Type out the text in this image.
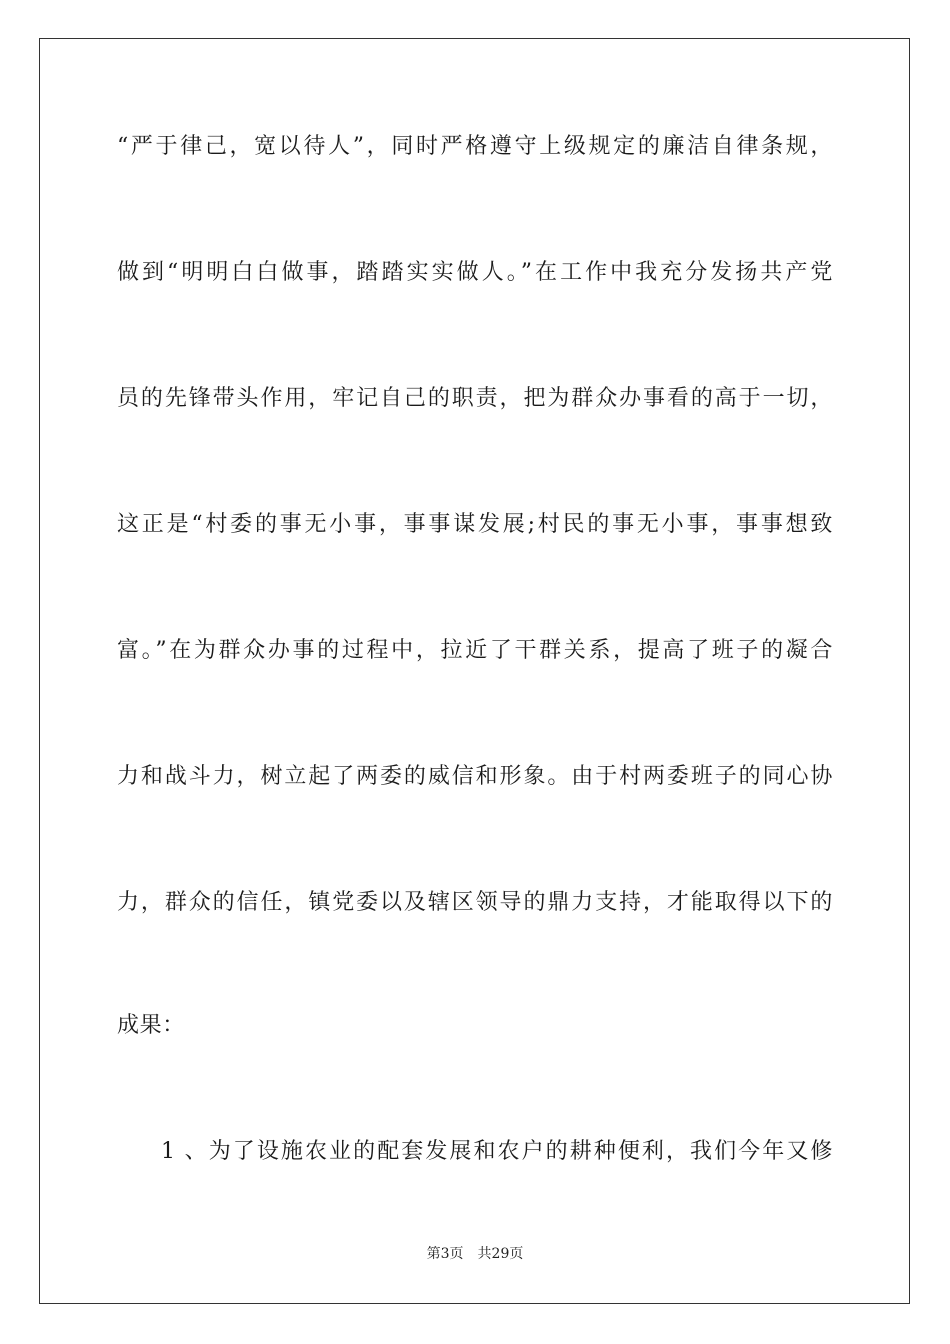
“严于律己，宽以待人”，同时严格遵守上级规定的廉洁自律条规，
做到“明明白白做事，踏踏实实做人。”在工作中我充分发扬共产党
员的先锋带头作用，牢记自己的职责，把为群众办事看的高于一切，
这正是“村委的事无小事，事事谋发展;村民的事无小事，事事想致
富。”在为群众办事的过程中，拉近了干群关系，提高了班子的凝合
力和战斗力，树立起了两委的威信和形象。由于村两委班子的同心协
力，群众的信任，镇党委以及辖区领导的鼎力支持，才能取得以下的
成果：
1 、为了设施农业的配套发展和农户的耕种便利，我们今年又修
第3页 共29页
